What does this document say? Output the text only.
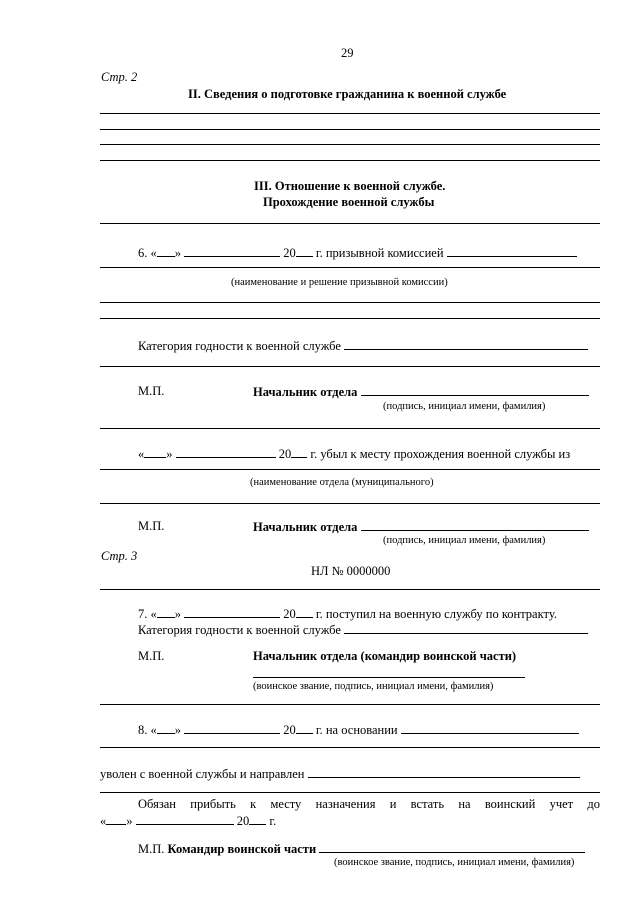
29
Стр. 2
II. Сведения о подготовке гражданина к военной службе
III. Отношение к военной службе.
Прохождение военной службы
6. « »	20 г. призывной комиссией
(наименование и решение призывной комиссии)
Категория годности к военной службе
М.П.	Начальник отдела
(подпись, инициал имени, фамилия)
« »	20 г. убыл к месту прохождения военной службы из
(наименование отдела (муниципального)
М.П.	Начальник отдела
(подпись, инициал имени, фамилия)
Стр. 3
НЛ № 0000000
7. « »	20 г. поступил на военную службу по контракту.
Категория годности к военной службе
М.П.	Начальник отдела (командир воинской части)
(воинское звание, подпись, инициал имени, фамилия)
8. « »	20 г. на основании
уволен с военной службы и направлен
Обязан прибыть к месту назначения и встать на воинский учет до
« »	20 г.
М.П. Командир воинской части
(воинское звание, подпись, инициал имени, фамилия)
